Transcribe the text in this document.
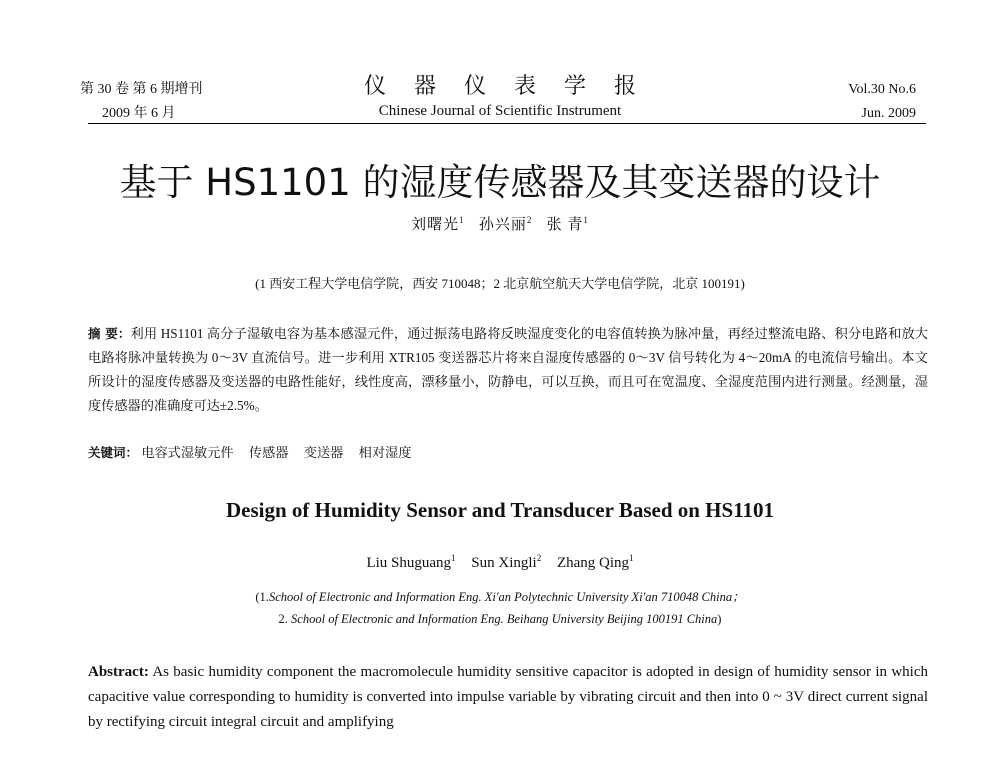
第 30 卷 第 6 期增刊
2009 年 6 月
仪器仪表学报
Chinese Journal of Scientific Instrument
Vol.30 No.6
Jun. 2009
基于 HS1101 的湿度传感器及其变送器的设计
刘曙光$^1$ 孙兴丽$^2$ 张 青$^1$
(1 西安工程大学电信学院，西安 710048；2 北京航空航天大学电信学院，北京 100191)
摘 要：利用 HS1101 高分子湿敏电容为基本感湿元件，通过振荡电路将反映湿度变化的电容值转换为脉冲量，再经过整流电路、积分电路和放大电路将脉冲量转换为 0～3V 直流信号。进一步利用 XTR105 变送器芯片将来自湿度传感器的 0～3V 信号转化为 4～20mA 的电流信号输出。本文所设计的湿度传感器及变送器的电路性能好，线性度高，漂移量小，防静电，可以互换，而且可在宽温度、全湿度范围内进行测量。经测量，湿度传感器的准确度可达±2.5%。
关键词： 电容式湿敏元件 传感器 变送器 相对湿度
Design of Humidity Sensor and Transducer Based on HS1101
Liu Shuguang$^1$ Sun Xingli$^2$ Zhang Qing$^1$
(1.School of Electronic and Information Eng. Xi'an Polytechnic University Xi'an 710048 China；
2. School of Electronic and Information Eng. Beihang University Beijing 100191 China)
Abstract: As basic humidity component the macromolecule humidity sensitive capacitor is adopted in design of humidity sensor in which capacitive value corresponding to humidity is converted into impulse variable by vibrating circuit and then into 0 ~ 3V direct current signal by rectifying circuit integral circuit and amplifying
